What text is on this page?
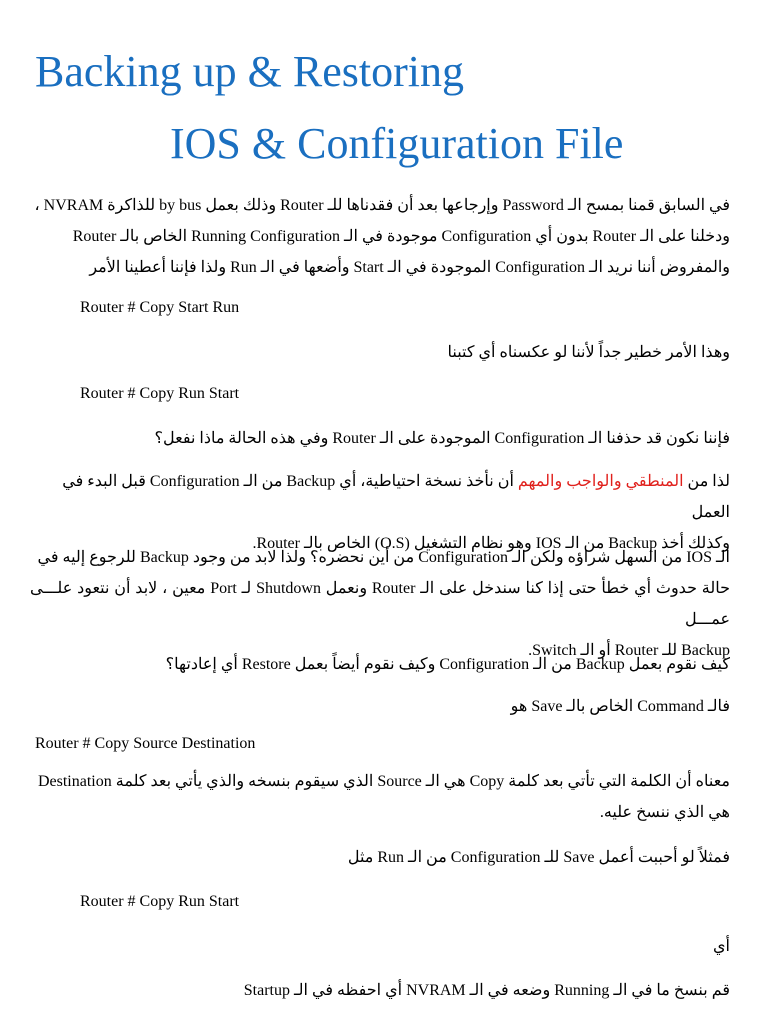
Backing up & Restoring
IOS & Configuration File
في السابق قمنا بمسح الـ Password وإرجاعها بعد أن فقدناها للـ Router وذلك بعمل by bus للذاكرة NVRAM ،
ودخلنا على الـ Router بدون أي Configuration موجودة في الـ Running Configuration الخاص بالـ Router
والمفروض أننا نريد الـ Configuration الموجودة في الـ Start وأضعها في الـ Run ولذا فإننا أعطينا الأمر
Router # Copy Start Run
وهذا الأمر خطير جداً لأننا لو عكسناه أي كتبنا
Router # Copy Run Start
فإننا نكون قد حذفنا الـ Configuration الموجودة على الـ Router وفي هذه الحالة ماذا نفعل؟
لذا من المنطقي والواجب والمهم أن نأخذ نسخة احتياطية، أي Backup من الـ Configuration قبل البدء في العمل
وكذلك أخذ Backup من الـ IOS وهو نظام التشغيل (O.S) الخاص بالـ Router.
الـ IOS من السهل شراؤه ولكن الـ Configuration من أين نحضره؟ ولذا لابد من وجود Backup للرجوع إليه في
حالة حدوث أي خطأ حتى إذا كنا سندخل على الـ Router ونعمل Shutdown لـ Port معين ، لابد أن نتعود علـــى عمـــل
Backup للـ Router أو الـ Switch.
كيف نقوم بعمل Backup من الـ Configuration وكيف نقوم أيضاً بعمل Restore أي إعادتها؟
فالـ Command الخاص بالـ Save هو
Router # Copy Source Destination
معناه أن الكلمة التي تأتي بعد كلمة Copy هي الـ Source الذي سيقوم بنسخه والذي يأتي بعد كلمة Destination
هي الذي ننسخ عليه.
فمثلاً لو أحببت أعمل Save للـ Configuration من الـ Run مثل
Router # Copy Run Start
أي
قم بنسخ ما في الـ Running وضعه في الـ NVRAM أي احفظه في الـ Startup
